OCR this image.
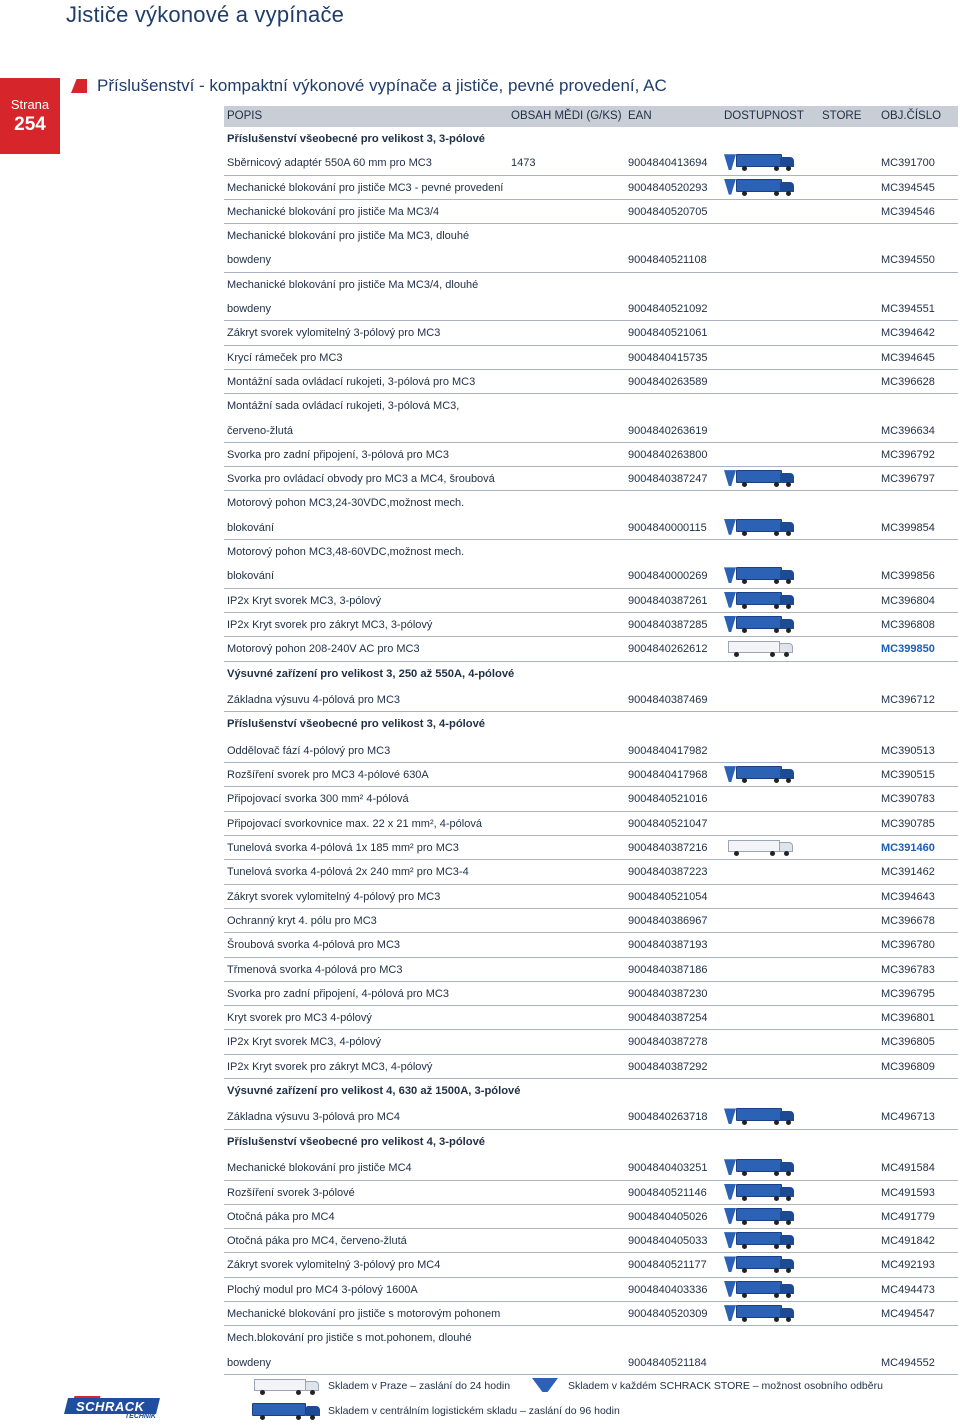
Jističe výkonové a vypínače
Strana
254
Příslušenství - kompaktní výkonové vypínače a jističe, pevné provedení, AC
POPIS	OBSAH MĚDI (G/KS) EAN	DOSTUPNOST STORE OBJ.ČÍSLO
Příslušenství všeobecné pro velikost 3, 3-pólové
Sběrnicový adaptér 550A 60 mm pro MC3	1473	9004840413694	MC391700
Mechanické blokování pro jističe MC3 - pevné provedení	9004840520293	MC394545
Mechanické blokování pro jističe Ma MC3/4	9004840520705	MC394546
Mechanické blokování pro jističe Ma MC3, dlouhé
bowdeny	9004840521108	MC394550
Mechanické blokování pro jističe Ma MC3/4, dlouhé
bowdeny	9004840521092	MC394551
Zákryt svorek vylomitelný 3-pólový pro MC3	9004840521061	MC394642
Krycí rámeček pro MC3	9004840415735	MC394645
Montážní sada ovládací rukojeti, 3-pólová pro MC3	9004840263589	MC396628
Montážní sada ovládací rukojeti, 3-pólová MC3,
červeno-žlutá	9004840263619	MC396634
Svorka pro zadní připojení, 3-pólová pro MC3	9004840263800	MC396792
Svorka pro ovládací obvody pro MC3 a MC4, šroubová	9004840387247	MC396797
Motorový pohon MC3,24-30VDC,možnost mech.
blokování	9004840000115	MC399854
Motorový pohon MC3,48-60VDC,možnost mech.
blokování	9004840000269	MC399856
IP2x Kryt svorek MC3, 3-pólový	9004840387261	MC396804
IP2x Kryt svorek pro zákryt MC3, 3-pólový	9004840387285	MC396808
Motorový pohon 208-240V AC pro MC3	9004840262612	MC399850
Výsuvné zařízení pro velikost 3, 250 až 550A, 4-pólové
Základna výsuvu 4-pólová pro MC3	9004840387469	MC396712
Příslušenství všeobecné pro velikost 3, 4-pólové
Oddělovač fází 4-pólový pro MC3	9004840417982	MC390513
Rozšíření svorek pro MC3 4-pólové 630A	9004840417968	MC390515
Připojovací svorka 300 mm² 4-pólová	9004840521016	MC390783
Připojovací svorkovnice max. 22 x 21 mm², 4-pólová	9004840521047	MC390785
Tunelová svorka 4-pólová 1x 185 mm² pro MC3	9004840387216	MC391460
Tunelová svorka 4-pólová 2x 240 mm² pro MC3-4	9004840387223	MC391462
Zákryt svorek vylomitelný 4-pólový pro MC3	9004840521054	MC394643
Ochranný kryt 4. pólu pro MC3	9004840386967	MC396678
Šroubová svorka 4-pólová pro MC3	9004840387193	MC396780
Třmenová svorka 4-pólová pro MC3	9004840387186	MC396783
Svorka pro zadní připojení, 4-pólová pro MC3	9004840387230	MC396795
Kryt svorek pro MC3 4-pólový	9004840387254	MC396801
IP2x Kryt svorek MC3, 4-pólový	9004840387278	MC396805
IP2x Kryt svorek pro zákryt MC3, 4-pólový	9004840387292	MC396809
Výsuvné zařízení pro velikost 4, 630 až 1500A, 3-pólové
Základna výsuvu 3-pólová pro MC4	9004840263718	MC496713
Příslušenství všeobecné pro velikost 4, 3-pólové
Mechanické blokování pro jističe MC4	9004840403251	MC491584
Rozšíření svorek 3-pólové	9004840521146	MC491593
Otočná páka pro MC4	9004840405026	MC491779
Otočná páka pro MC4, červeno-žlutá	9004840405033	MC491842
Zákryt svorek vylomitelný 3-pólový pro MC4	9004840521177	MC492193
Plochý modul pro MC4 3-pólový 1600A	9004840403336	MC494473
Mechanické blokování pro jističe s motorovým pohonem	9004840520309	MC494547
Mech.blokování pro jističe s mot.pohonem, dlouhé
bowdeny	9004840521184	MC494552
Skladem v Praze – zaslání do 24 hodin	Skladem v každém SCHRACK STORE – možnost osobního odběru
Skladem v centrálním logistickém skladu – zaslání do 96 hodin
SCHRACK
TECHNIK
